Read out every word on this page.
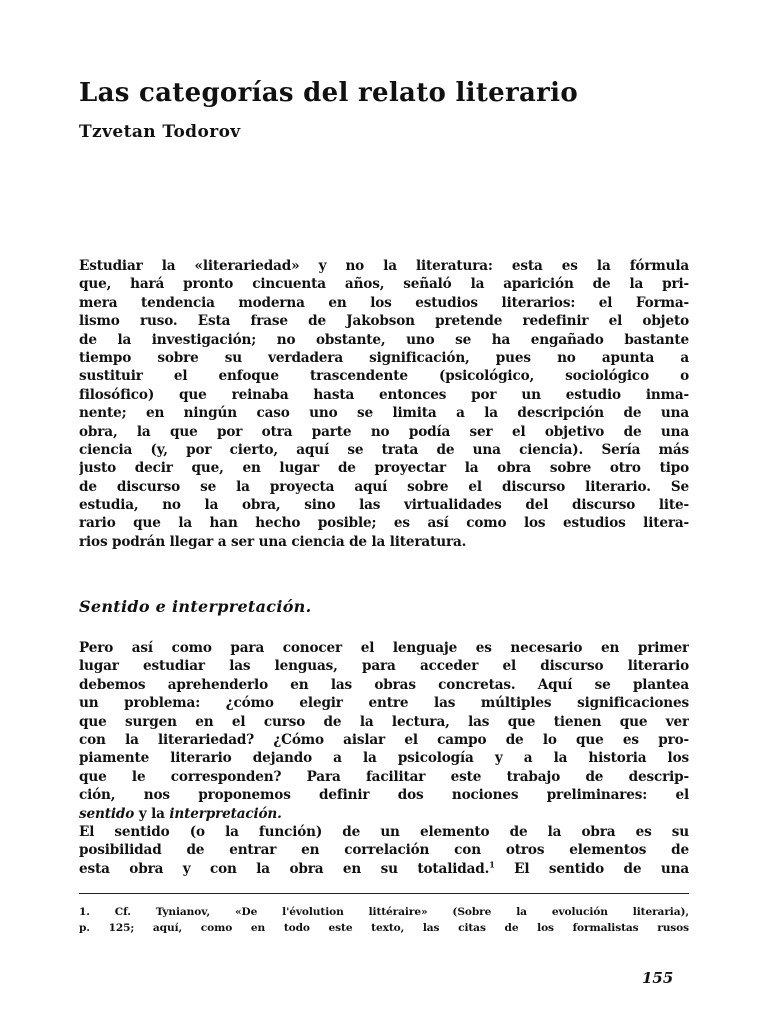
Las categorías del relato literario

Tzvetan Todorov

Estudiar la «literariedad» y no la literatura: esta es la fórmula
que, hará pronto cincuenta años, señaló la aparición de la pri-
mera tendencia moderna en los estudios literarios: el Forma-
lismo ruso. Esta frase de Jakobson pretende redefinir el objeto
de la investigación; no obstante, uno se ha engañado bastante
tiempo sobre su verdadera significación, pues no apunta a
sustituir el enfoque trascendente (psicológico, sociológico o
filosófico) que reinaba hasta entonces por un estudio inma-
nente; en ningún caso uno se limita a la descripción de una
obra, la que por otra parte no podía ser el objetivo de una
ciencia (y, por cierto, aquí se trata de una ciencia). Sería más
justo decir que, en lugar de proyectar la obra sobre otro tipo
de discurso se la proyecta aquí sobre el discurso literario. Se
estudia, no la obra, sino las virtualidades del discurso lite-
rario que la han hecho posible; es así como los estudios litera-
rios podrán llegar a ser una ciencia de la literatura.
Sentido e interpretación.
Pero así como para conocer el lenguaje es necesario en primer
lugar estudiar las lenguas, para acceder el discurso literario
debemos aprehenderlo en las obras concretas. Aquí se plantea
un problema: ¿cómo elegir entre las múltiples significaciones
que surgen en el curso de la lectura, las que tienen que ver
con la literariedad? ¿Cómo aislar el campo de lo que es pro-
piamente literario dejando a la psicología y a la historia los
que le corresponden? Para facilitar este trabajo de descrip-
ción, nos proponemos definir dos nociones preliminares: el
sentido y la interpretación.
El sentido (o la función) de un elemento de la obra es su
posibilidad de entrar en correlación con otros elementos de
esta obra y con la obra en su totalidad.$^1$ El sentido de una
1. Cf. Tynianov, «De l'évolution littéraire» (Sobre la evolución literaria),
p. 125; aquí, como en todo este texto, las citas de los formalistas rusos

155
